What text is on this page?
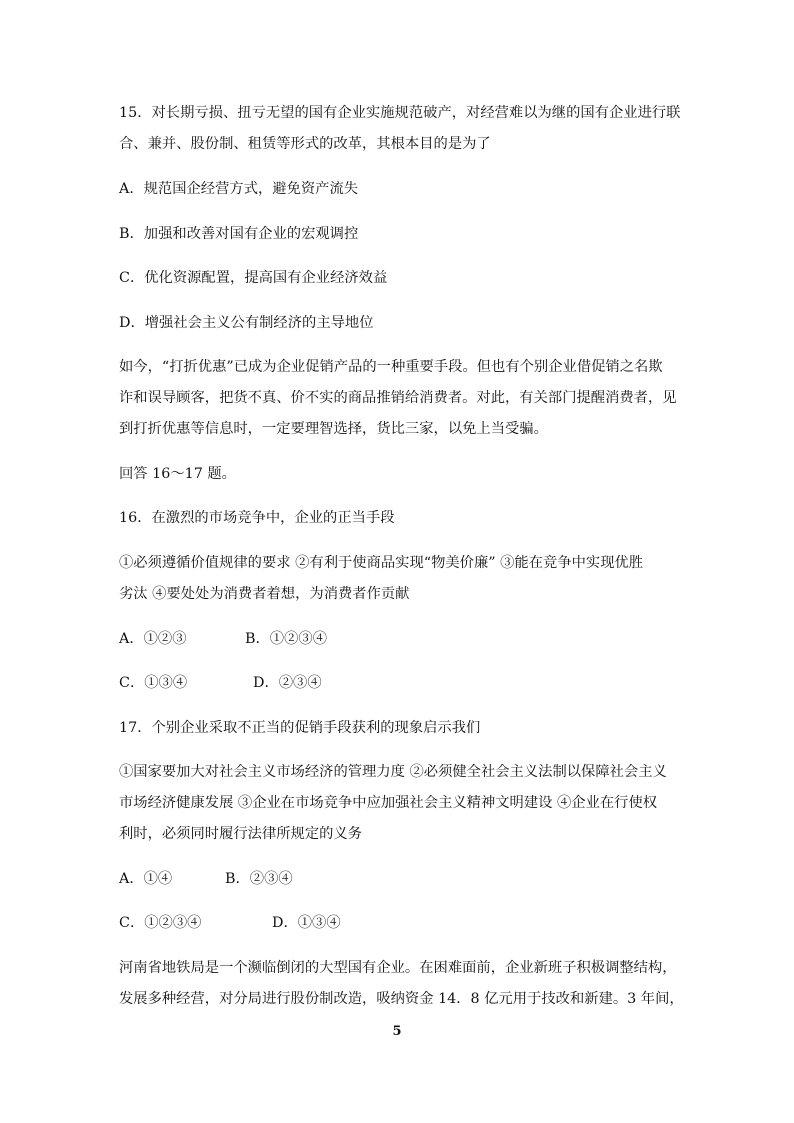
15．对长期亏损、扭亏无望的国有企业实施规范破产，对经营难以为继的国有企业进行联
合、兼并、股份制、租赁等形式的改革，其根本目的是为了
A．规范国企经营方式，避免资产流失
B．加强和改善对国有企业的宏观调控
C．优化资源配置，提高国有企业经济效益
D．增强社会主义公有制经济的主导地位
如今，“打折优惠”已成为企业促销产品的一种重要手段。但也有个别企业借促销之名欺
诈和误导顾客，把货不真、价不实的商品推销给消费者。对此，有关部门提醒消费者，见
到打折优惠等信息时，一定要理智选择，货比三家，以免上当受骗。
回答 16～17 题。
16．在激烈的市场竞争中，企业的正当手段
①必须遵循价值规律的要求 ②有利于使商品实现“物美价廉” ③能在竞争中实现优胜
劣汰 ④要处处为消费者着想，为消费者作贡献
A．①②③	B．①②③④
C．①③④	D．②③④
17．个别企业采取不正当的促销手段获利的现象启示我们
①国家要加大对社会主义市场经济的管理力度 ②必须健全社会主义法制以保障社会主义
市场经济健康发展 ③企业在市场竞争中应加强社会主义精神文明建设 ④企业在行使权
利时，必须同时履行法律所规定的义务
A．①④	B．②③④
C．①②③④	D．①③④
河南省地铁局是一个濒临倒闭的大型国有企业。在困难面前，企业新班子积极调整结构，
发展多种经营，对分局进行股份制改造，吸纳资金 14．8 亿元用于技改和新建。3 年间，
5
